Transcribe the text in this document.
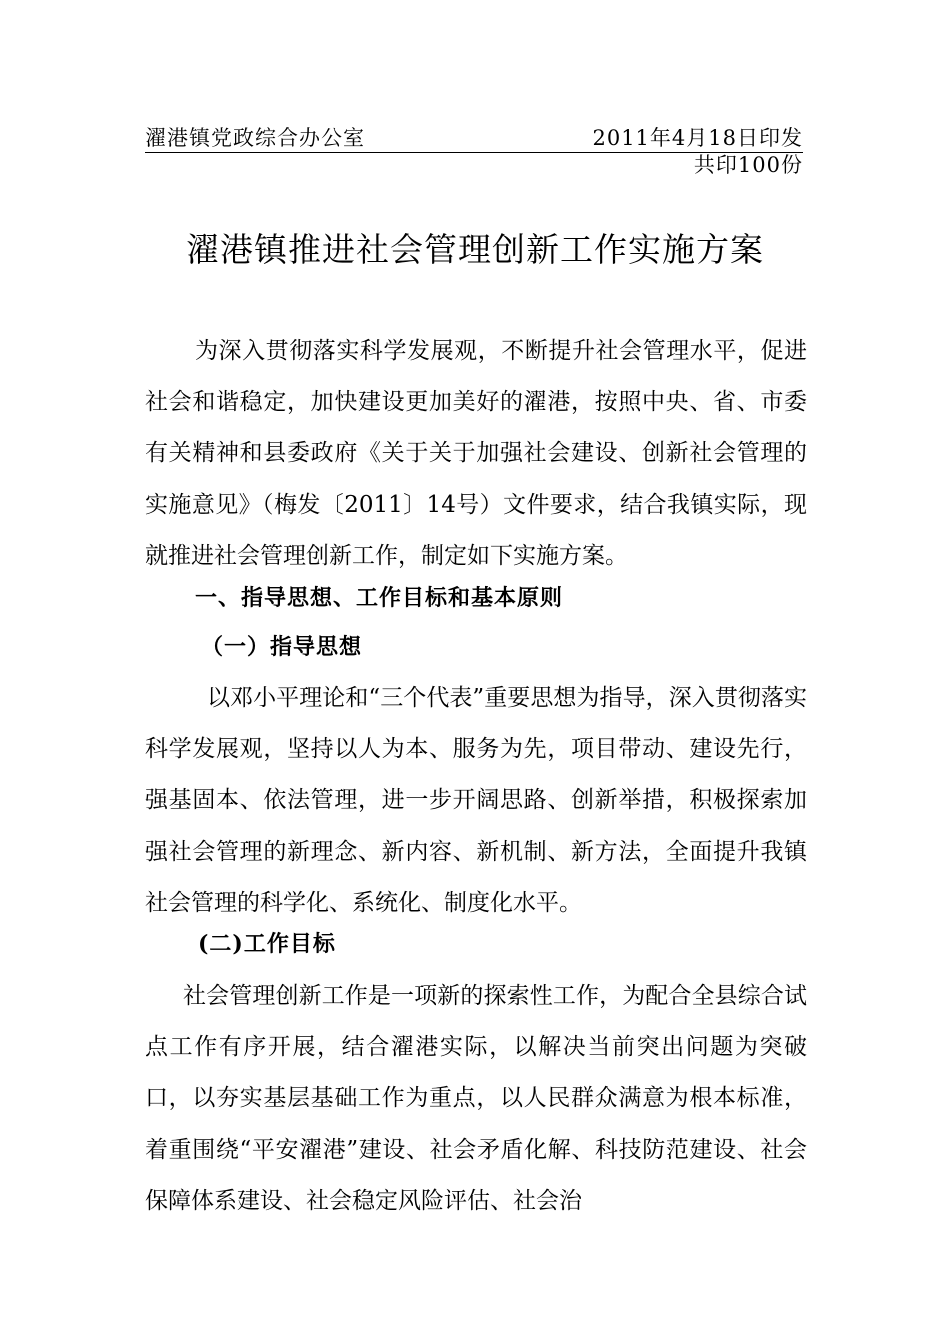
濯港镇党政综合办公室	2011年4月18日印发
共印100份
濯港镇推进社会管理创新工作实施方案
为深入贯彻落实科学发展观，不断提升社会管理水平，促进社会和谐稳定，加快建设更加美好的濯港，按照中央、省、市委有关精神和县委政府《关于关于加强社会建设、创新社会管理的实施意见》（梅发〔2011〕14号）文件要求，结合我镇实际，现就推进社会管理创新工作，制定如下实施方案。
一、指导思想、工作目标和基本原则
（一）指导思想
以邓小平理论和“三个代表”重要思想为指导，深入贯彻落实科学发展观，坚持以人为本、服务为先，项目带动、建设先行，强基固本、依法管理，进一步开阔思路、创新举措，积极探索加强社会管理的新理念、新内容、新机制、新方法，全面提升我镇社会管理的科学化、系统化、制度化水平。
(二)工作目标
社会管理创新工作是一项新的探索性工作，为配合全县综合试点工作有序开展，结合濯港实际，以解决当前突出问题为突破口，以夯实基层基础工作为重点，以人民群众满意为根本标准，着重围绕“平安濯港”建设、社会矛盾化解、科技防范建设、社会保障体系建设、社会稳定风险评估、社会治
